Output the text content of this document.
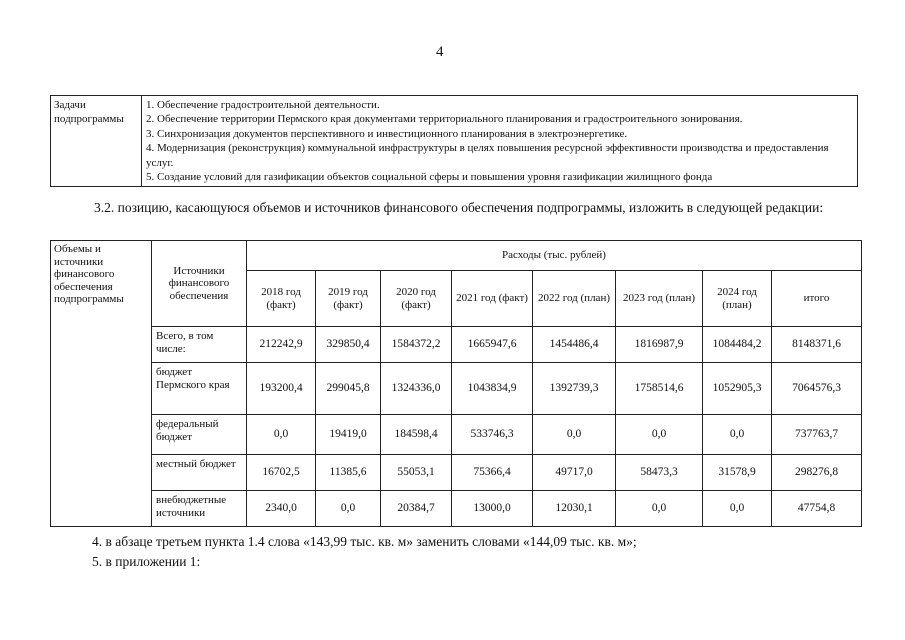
4
Задачи подпрограммы	
1. Обеспечение градостроительной деятельности.
2. Обеспечение территории Пермского края документами территориального планирования и градостроительного зонирования.
3. Синхронизация документов перспективного и инвестиционного планирования в электроэнергетике.
4. Модернизация (реконструкция) коммунальной инфраструктуры в целях повышения ресурсной эффективности производства и предоставления услуг.
5. Создание условий для газификации объектов социальной сферы и повышения уровня газификации жилищного фонда
3.2. позицию, касающуюся объемов и источников финансового обеспечения подпрограммы, изложить в следующей редакции:
Объемы и источники финансового обеспечения подпрограммы	Источники финансового обеспечения	Расходы (тыс. рублей)							
		2018 год (факт)	2019 год (факт)	2020 год (факт)	2021 год (факт)	2022 год (план)	2023 год (план)	2024 год (план)	итого
	Всего, в том числе:	212242,9	329850,4	1584372,2	1665947,6	1454486,4	1816987,9	1084484,2	8148371,6
	бюджет Пермского края	193200,4	299045,8	1324336,0	1043834,9	1392739,3	1758514,6	1052905,3	7064576,3
	федеральный бюджет	0,0	19419,0	184598,4	533746,3	0,0	0,0	0,0	737763,7
	местный бюджет	16702,5	11385,6	55053,1	75366,4	49717,0	58473,3	31578,9	298276,8
	внебюджетные источники	2340,0	0,0	20384,7	13000,0	12030,1	0,0	0,0	47754,8
4. в абзаце третьем пункта 1.4 слова «143,99 тыс. кв. м» заменить словами «144,09 тыс. кв. м»;
5. в приложении 1:
